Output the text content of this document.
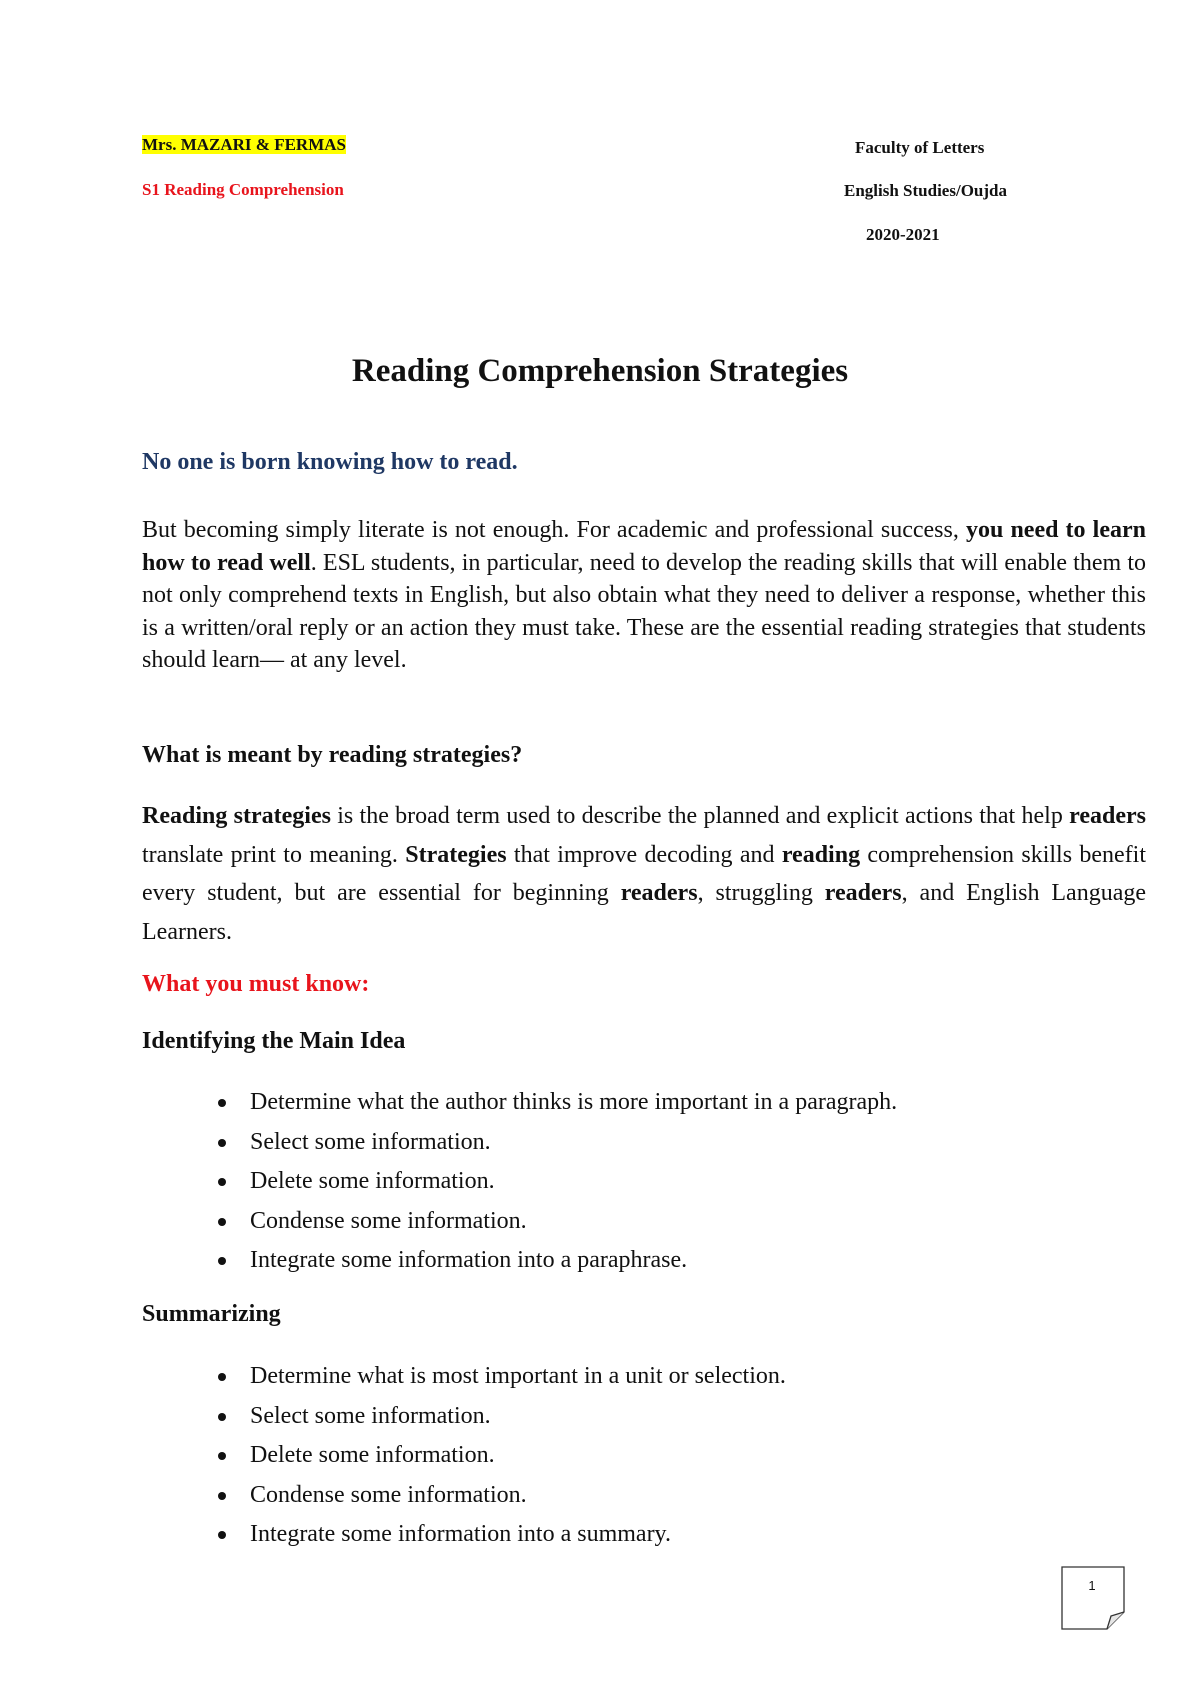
Mrs. MAZARI & FERMAS
S1 Reading Comprehension
Faculty of Letters
English Studies/Oujda
2020-2021
Reading Comprehension Strategies
No one is born knowing how to read.

But becoming simply literate is not enough. For academic and professional success, you need to learn how to read well. ESL students, in particular, need to develop the reading skills that will enable them to not only comprehend texts in English, but also obtain what they need to deliver a response, whether this is a written/oral reply or an action they must take. These are the essential reading strategies that students should learn— at any level.

What is meant by reading strategies?

Reading strategies is the broad term used to describe the planned and explicit actions that help readers translate print to meaning. Strategies that improve decoding and reading comprehension skills benefit every student, but are essential for beginning readers, struggling readers, and English Language Learners.

What you must know:
Identifying the Main Idea
Determine what the author thinks is more important in a paragraph.
Select some information.
Delete some information.
Condense some information.
Integrate some information into a paraphrase.
Summarizing
Determine what is most important in a unit or selection.
Select some information.
Delete some information.
Condense some information.
Integrate some information into a summary.
1
